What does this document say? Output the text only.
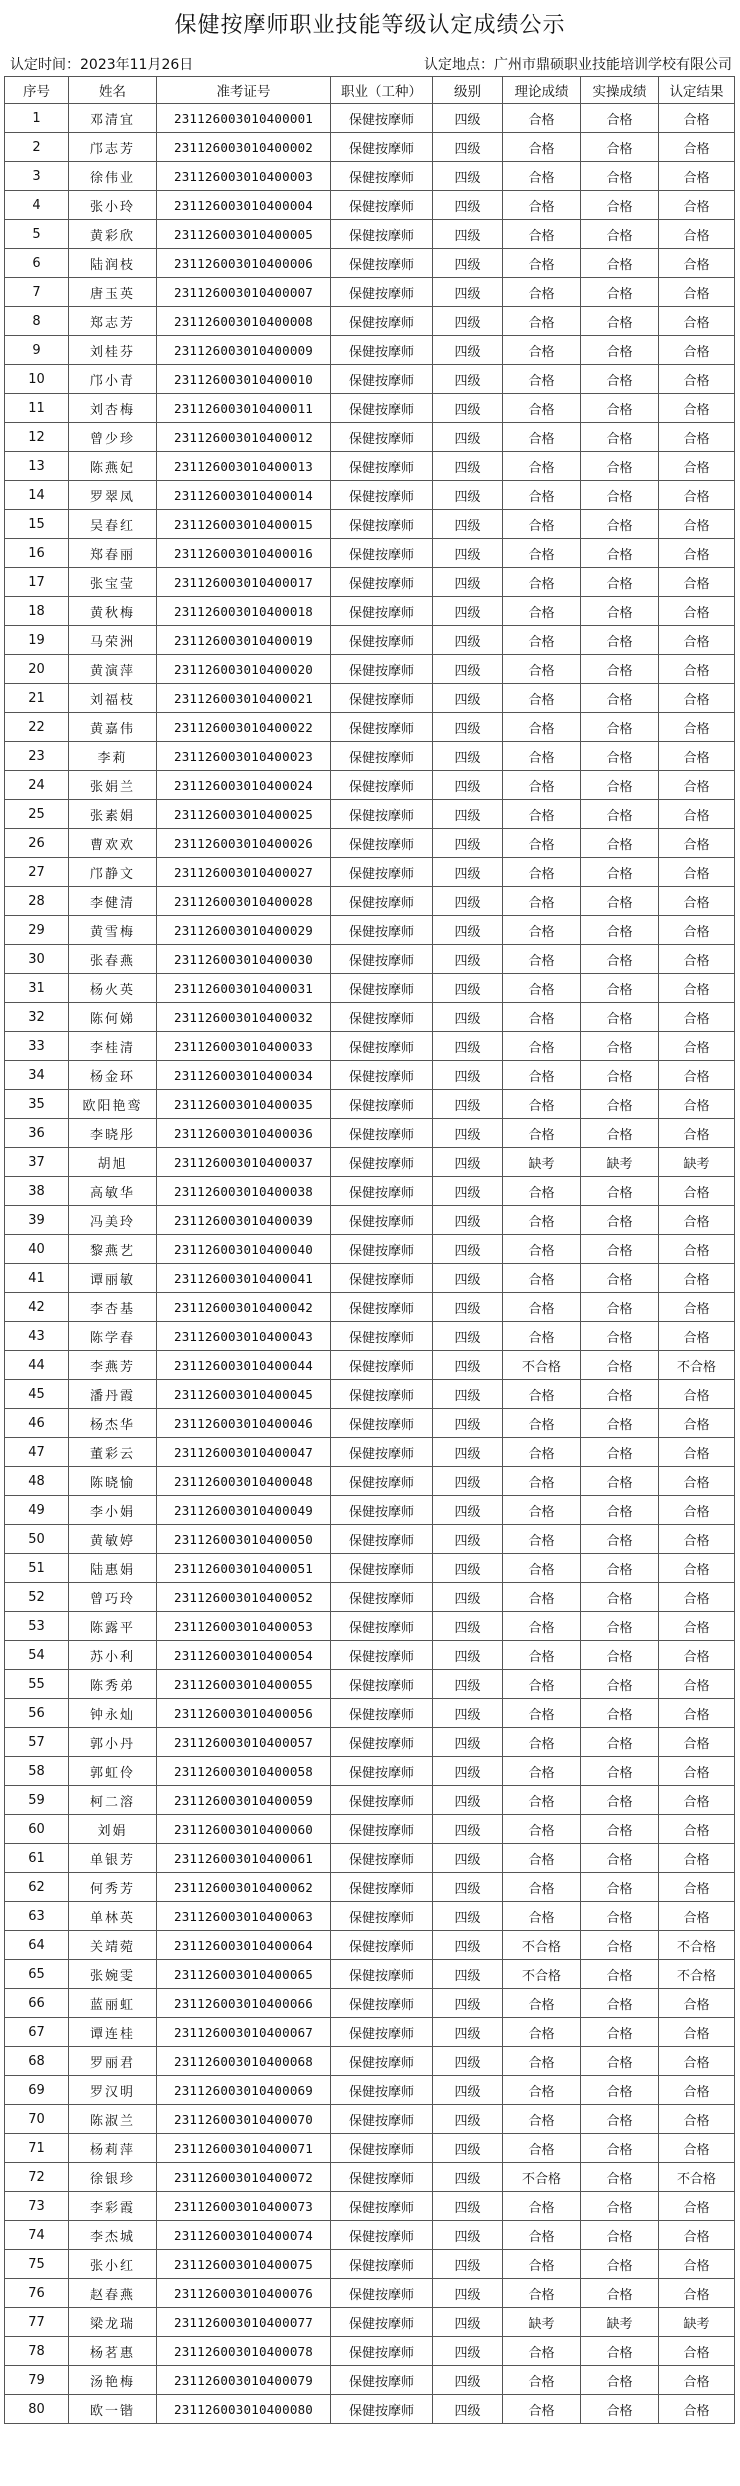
保健按摩师职业技能等级认定成绩公示
认定时间：2023年11月26日	认定地点：广州市鼎硕职业技能培训学校有限公司
序号	姓名	准考证号	职业（工种）	级别	理论成绩	实操成绩	认定结果
1	邓清宜	231126003010400001	保健按摩师	四级	合格	合格	合格
2	邝志芳	231126003010400002	保健按摩师	四级	合格	合格	合格
3	徐伟业	231126003010400003	保健按摩师	四级	合格	合格	合格
4	张小玲	231126003010400004	保健按摩师	四级	合格	合格	合格
5	黄彩欣	231126003010400005	保健按摩师	四级	合格	合格	合格
6	陆润枝	231126003010400006	保健按摩师	四级	合格	合格	合格
7	唐玉英	231126003010400007	保健按摩师	四级	合格	合格	合格
8	郑志芳	231126003010400008	保健按摩师	四级	合格	合格	合格
9	刘桂芬	231126003010400009	保健按摩师	四级	合格	合格	合格
10	邝小青	231126003010400010	保健按摩师	四级	合格	合格	合格
11	刘杏梅	231126003010400011	保健按摩师	四级	合格	合格	合格
12	曾少珍	231126003010400012	保健按摩师	四级	合格	合格	合格
13	陈燕妃	231126003010400013	保健按摩师	四级	合格	合格	合格
14	罗翠凤	231126003010400014	保健按摩师	四级	合格	合格	合格
15	吴春红	231126003010400015	保健按摩师	四级	合格	合格	合格
16	郑春丽	231126003010400016	保健按摩师	四级	合格	合格	合格
17	张宝莹	231126003010400017	保健按摩师	四级	合格	合格	合格
18	黄秋梅	231126003010400018	保健按摩师	四级	合格	合格	合格
19	马荣洲	231126003010400019	保健按摩师	四级	合格	合格	合格
20	黄演萍	231126003010400020	保健按摩师	四级	合格	合格	合格
21	刘福枝	231126003010400021	保健按摩师	四级	合格	合格	合格
22	黄嘉伟	231126003010400022	保健按摩师	四级	合格	合格	合格
23	李莉	231126003010400023	保健按摩师	四级	合格	合格	合格
24	张娟兰	231126003010400024	保健按摩师	四级	合格	合格	合格
25	张素娟	231126003010400025	保健按摩师	四级	合格	合格	合格
26	曹欢欢	231126003010400026	保健按摩师	四级	合格	合格	合格
27	邝静文	231126003010400027	保健按摩师	四级	合格	合格	合格
28	李健清	231126003010400028	保健按摩师	四级	合格	合格	合格
29	黄雪梅	231126003010400029	保健按摩师	四级	合格	合格	合格
30	张春燕	231126003010400030	保健按摩师	四级	合格	合格	合格
31	杨火英	231126003010400031	保健按摩师	四级	合格	合格	合格
32	陈何娣	231126003010400032	保健按摩师	四级	合格	合格	合格
33	李桂清	231126003010400033	保健按摩师	四级	合格	合格	合格
34	杨金环	231126003010400034	保健按摩师	四级	合格	合格	合格
35	欧阳艳鸾	231126003010400035	保健按摩师	四级	合格	合格	合格
36	李晓彤	231126003010400036	保健按摩师	四级	合格	合格	合格
37	胡旭	231126003010400037	保健按摩师	四级	缺考	缺考	缺考
38	高敏华	231126003010400038	保健按摩师	四级	合格	合格	合格
39	冯美玲	231126003010400039	保健按摩师	四级	合格	合格	合格
40	黎燕艺	231126003010400040	保健按摩师	四级	合格	合格	合格
41	谭丽敏	231126003010400041	保健按摩师	四级	合格	合格	合格
42	李杏基	231126003010400042	保健按摩师	四级	合格	合格	合格
43	陈学春	231126003010400043	保健按摩师	四级	合格	合格	合格
44	李燕芳	231126003010400044	保健按摩师	四级	不合格	合格	不合格
45	潘丹霞	231126003010400045	保健按摩师	四级	合格	合格	合格
46	杨杰华	231126003010400046	保健按摩师	四级	合格	合格	合格
47	董彩云	231126003010400047	保健按摩师	四级	合格	合格	合格
48	陈晓愉	231126003010400048	保健按摩师	四级	合格	合格	合格
49	李小娟	231126003010400049	保健按摩师	四级	合格	合格	合格
50	黄敏婷	231126003010400050	保健按摩师	四级	合格	合格	合格
51	陆惠娟	231126003010400051	保健按摩师	四级	合格	合格	合格
52	曾巧玲	231126003010400052	保健按摩师	四级	合格	合格	合格
53	陈露平	231126003010400053	保健按摩师	四级	合格	合格	合格
54	苏小利	231126003010400054	保健按摩师	四级	合格	合格	合格
55	陈秀弟	231126003010400055	保健按摩师	四级	合格	合格	合格
56	钟永灿	231126003010400056	保健按摩师	四级	合格	合格	合格
57	郭小丹	231126003010400057	保健按摩师	四级	合格	合格	合格
58	郭虹伶	231126003010400058	保健按摩师	四级	合格	合格	合格
59	柯二溶	231126003010400059	保健按摩师	四级	合格	合格	合格
60	刘娟	231126003010400060	保健按摩师	四级	合格	合格	合格
61	单银芳	231126003010400061	保健按摩师	四级	合格	合格	合格
62	何秀芳	231126003010400062	保健按摩师	四级	合格	合格	合格
63	单林英	231126003010400063	保健按摩师	四级	合格	合格	合格
64	关靖菀	231126003010400064	保健按摩师	四级	不合格	合格	不合格
65	张婉雯	231126003010400065	保健按摩师	四级	不合格	合格	不合格
66	蓝丽虹	231126003010400066	保健按摩师	四级	合格	合格	合格
67	谭连桂	231126003010400067	保健按摩师	四级	合格	合格	合格
68	罗丽君	231126003010400068	保健按摩师	四级	合格	合格	合格
69	罗汉明	231126003010400069	保健按摩师	四级	合格	合格	合格
70	陈淑兰	231126003010400070	保健按摩师	四级	合格	合格	合格
71	杨莉萍	231126003010400071	保健按摩师	四级	合格	合格	合格
72	徐银珍	231126003010400072	保健按摩师	四级	不合格	合格	不合格
73	李彩霞	231126003010400073	保健按摩师	四级	合格	合格	合格
74	李杰城	231126003010400074	保健按摩师	四级	合格	合格	合格
75	张小红	231126003010400075	保健按摩师	四级	合格	合格	合格
76	赵春燕	231126003010400076	保健按摩师	四级	合格	合格	合格
77	梁龙瑞	231126003010400077	保健按摩师	四级	缺考	缺考	缺考
78	杨茗惠	231126003010400078	保健按摩师	四级	合格	合格	合格
79	汤艳梅	231126003010400079	保健按摩师	四级	合格	合格	合格
80	欧一锴	231126003010400080	保健按摩师	四级	合格	合格	合格
